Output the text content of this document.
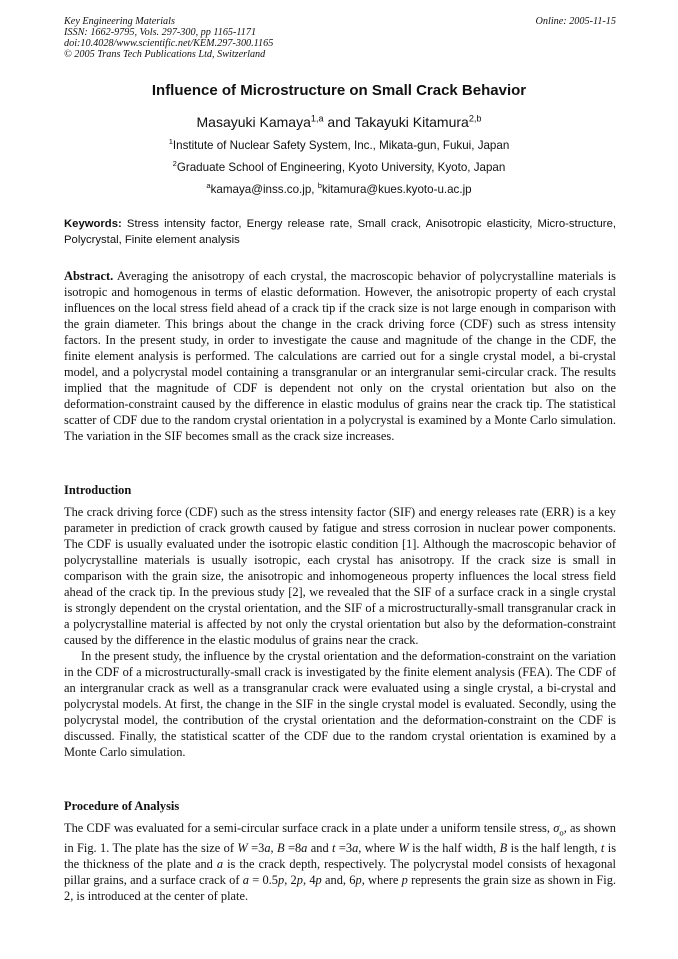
Key Engineering Materials
ISSN: 1662-9795, Vols. 297-300, pp 1165-1171
doi:10.4028/www.scientific.net/KEM.297-300.1165
© 2005 Trans Tech Publications Ltd, Switzerland
Online: 2005-11-15
Influence of Microstructure on Small Crack Behavior
Masayuki Kamaya$^{1,a}$ and Takayuki Kitamura$^{2,b}$
$^1$Institute of Nuclear Safety System, Inc., Mikata-gun, Fukui, Japan
$^2$Graduate School of Engineering, Kyoto University, Kyoto, Japan
$^a$kamaya@inss.co.jp, $^b$kitamura@kues.kyoto-u.ac.jp
Keywords: Stress intensity factor, Energy release rate, Small crack, Anisotropic elasticity, Micro-structure, Polycrystal, Finite element analysis

Abstract. Averaging the anisotropy of each crystal, the macroscopic behavior of polycrystalline materials is isotropic and homogenous in terms of elastic deformation. However, the anisotropic property of each crystal influences on the local stress field ahead of a crack tip if the crack size is not large enough in comparison with the grain diameter. This brings about the change in the crack driving force (CDF) such as stress intensity factors. In the present study, in order to investigate the cause and magnitude of the change in the CDF, the finite element analysis is performed. The calculations are carried out for a single crystal model, a bi-crystal model, and a polycrystal model containing a transgranular or an intergranular semi-circular crack. The results implied that the magnitude of CDF is dependent not only on the crystal orientation but also on the deformation-constraint caused by the difference in elastic modulus of grains near the crack tip. The statistical scatter of CDF due to the random crystal orientation in a polycrystal is examined by a Monte Carlo simulation. The variation in the SIF becomes small as the crack size increases.

Introduction

The crack driving force (CDF) such as the stress intensity factor (SIF) and energy releases rate (ERR) is a key parameter in prediction of crack growth caused by fatigue and stress corrosion in nuclear power components. The CDF is usually evaluated under the isotropic elastic condition [1]. Although the macroscopic behavior of polycrystalline materials is usually isotropic, each crystal has anisotropy. If the crack size is small in comparison with the grain size, the anisotropic and inhomogeneous property influences the local stress field ahead of the crack tip. In the previous study [2], we revealed that the SIF of a surface crack in a single crystal is strongly dependent on the crystal orientation, and the SIF of a microstructurally-small transgranular crack in a polycrystalline material is affected by not only the crystal orientation but also by the deformation-constraint caused by the difference in the elastic modulus of grains near the crack.

In the present study, the influence by the crystal orientation and the deformation-constraint on the variation in the CDF of a microstructurally-small crack is investigated by the finite element analysis (FEA). The CDF of an intergranular crack as well as a transgranular crack were evaluated using a single crystal, a bi-crystal and polycrystal models. At first, the change in the SIF in the single crystal model is evaluated. Secondly, using the polycrystal model, the contribution of the crystal orientation and the deformation-constraint on the CDF is discussed. Finally, the statistical scatter of the CDF due to the random crystal orientation is examined by a Monte Carlo simulation.

Procedure of Analysis

The CDF was evaluated for a semi-circular surface crack in a plate under a uniform tensile stress, $\sigma_o$, as shown in Fig. 1. The plate has the size of W =3a, B =8a and t =3a, where W is the half width, B is the half length, t is the thickness of the plate and a is the crack depth, respectively. The polycrystal model consists of hexagonal pillar grains, and a surface crack of a = 0.5p, 2p, 4p and, 6p, where p represents the grain size as shown in Fig. 2, is introduced at the center of plate.
